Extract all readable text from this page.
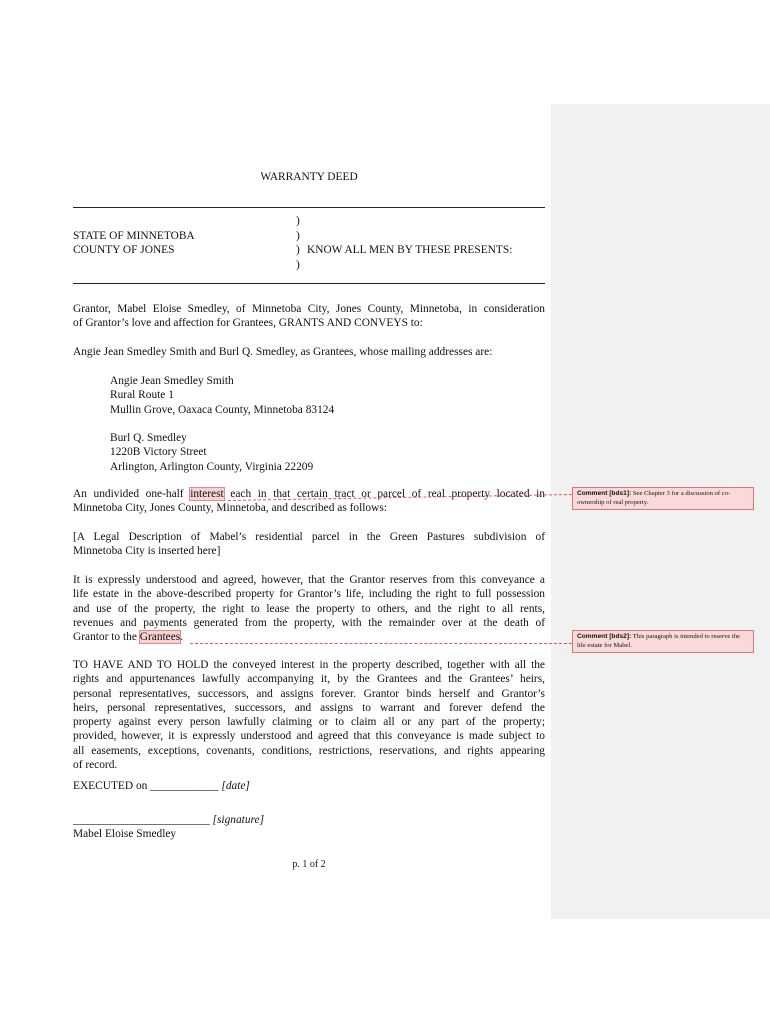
WARRANTY DEED
)
STATE OF MINNETOBA	)
COUNTY OF JONES	) KNOW ALL MEN BY THESE PRESENTS:
)
Grantor, Mabel Eloise Smedley, of Minnetoba City, Jones County, Minnetoba, in consideration
of Grantor’s love and affection for Grantees, GRANTS AND CONVEYS to:
Angie Jean Smedley Smith and Burl Q. Smedley, as Grantees, whose mailing addresses are:
Angie Jean Smedley Smith
Rural Route 1
Mullin Grove, Oaxaca County, Minnetoba 83124
Burl Q. Smedley
1220B Victory Street
Arlington, Arlington County, Virginia 22209
An undivided one-half interest each in that certain tract or parcel of real property located in
Minnetoba City, Jones County, Minnetoba, and described as follows:
[A Legal Description of Mabel’s residential parcel in the Green Pastures subdivision of
Minnetoba City is inserted here]
It is expressly understood and agreed, however, that the Grantor reserves from this conveyance a
life estate in the above-described property for Grantor’s life, including the right to full possession
and use of the property, the right to lease the property to others, and the right to all rents,
revenues and payments generated from the property, with the remainder over at the death of
Grantor to the Grantees.
TO HAVE AND TO HOLD the conveyed interest in the property described, together with all the
rights and appurtenances lawfully accompanying it, by the Grantees and the Grantees’ heirs,
personal representatives, successors, and assigns forever. Grantor binds herself and Grantor’s
heirs, personal representatives, successors, and assigns to warrant and forever defend the
property against every person lawfully claiming or to claim all or any part of the property;
provided, however, it is expressly understood and agreed that this conveyance is made subject to
all easements, exceptions, covenants, conditions, restrictions, reservations, and rights appearing
of record.
EXECUTED on ____________ [date]
________________________ [signature]
Mabel Eloise Smedley
p. 1 of 2
Comment [bds1]: See Chapter 3 for a discussion of co-ownership of real property.
Comment [bds2]: This paragraph is intended to reserve the life estate for Mabel.
